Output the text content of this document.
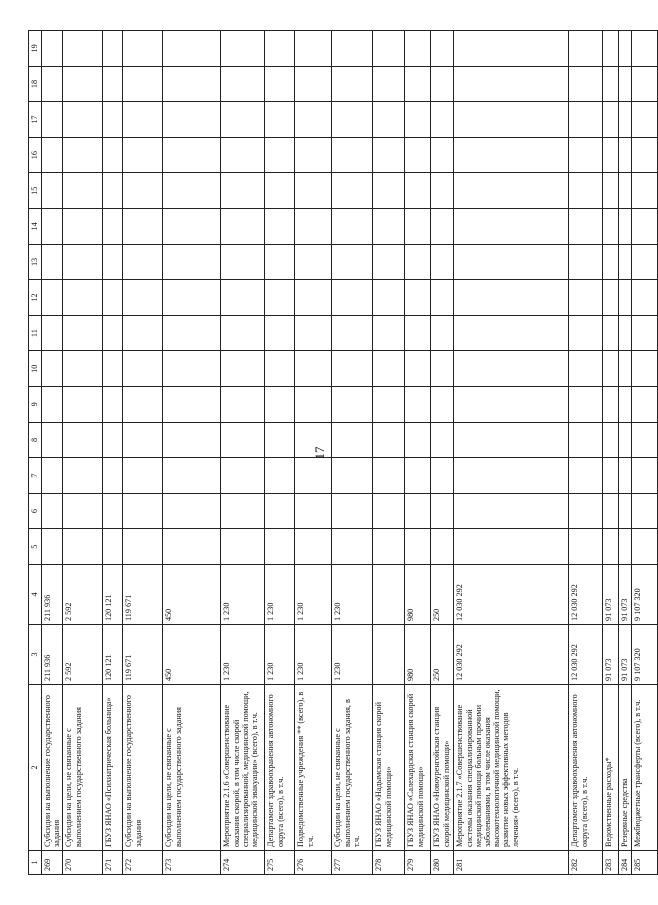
17
1	2	3	4	5	6	7	8	9	10	11	12	13	14	15	16	17	18	19
269	Субсидии на выполнение государственного задания	211 936	211 936															
270	Субсидии на цели, не связанные с выполнением государственного задания	2 592	2 592															
271	ГБУЗ ЯНАО «Психиатрическая больница»	120 121	120 121															
272	Субсидии на выполнение государственного задания	119 671	119 671															
273	Субсидии на цели, не связанные с выполнением государственного задания	450	450															
274	Мероприятие 2.1.6 «Совершенствование оказания скорой, в том числе скорой специализированной, медицинской помощи, медицинской эвакуации» (всего), в т.ч.	1 230	1 230															
275	Департамент здравоохранения автономного округа (всего), в т.ч.	1 230	1 230															
276	Подведомственные учреждения ** (всего), в т.ч.	1 230	1 230															
277	Субсидии на цели, не связанные с выполнением государственного задания, в т.ч.	1 230	1 230															
278	ГБУЗ ЯНАО «Надымская станция скорой медицинской помощи»																	
279	ГБУЗ ЯНАО «Салехардская станция скорой медицинской помощи»	980	980															
280	ГБУЗ ЯНАО «Новоуренгойская станция скорой медицинской помощи»	250	250															
281	Мероприятие 2.1.7 «Совершенствование системы оказания специализированной медицинской помощи больным прочими заболеваниями, в том числе оказания высокотехнологичной медицинской помощи, развитие новых эффективных методов лечения» (всего), в т.ч.	12 030 292	12 030 292															
282	Департамент здравоохранения автономного округа (всего), в т.ч.	12 030 292	12 030 292															
283	Ведомственные расходы*	91 073	91 073															
284	Резервные средства	91 073	91 073															
285	Межбюджетные трансферты (всего), в т.ч.	9 107 320	9 107 320															
